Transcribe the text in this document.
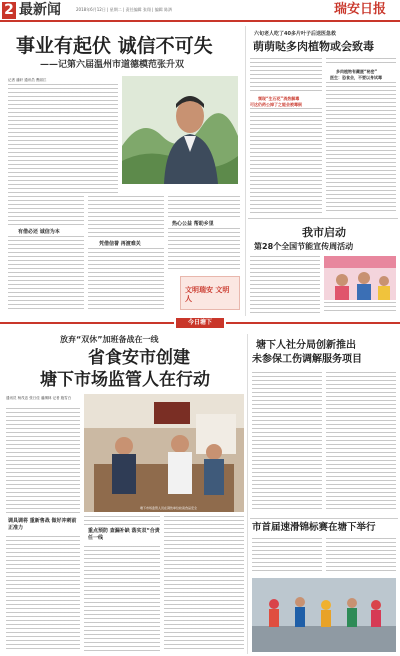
2 最新闻	2018年6月12日 | 星期二 | 责任编辑 张翔 | 编辑 陈泗	瑞安日报
事业有起伏 诚信不可失

——记第六届温州市道德模范张升双

记者 潘轩 通讯员 曹丽江

有借必还 诚信为本

凭借信誉 再渡难关

热心公益 帮助乡里

文明瑞安 文明人

六旬老人吃了40多片叶子后送医急救

萌萌哒多肉植物或会致毒

频现“生石花”消热解毒

可这仍药公掉了之能会被毒倒

多肉植物有藏匿“秘密”

医生：恐食会，不要以身试毒

我市启动

第28个全国节能宣传周活动

今日塘下

放弃“双休”加班备战在一线

省食安市创建
塘下市场监管人在行动
通讯员 杨茂忠 张日佳 潘渊林 记者 施雪白
塘下市场监管人员在餐饮单位检查食品安全

调具调将 重新售战 做好冲刺前正准力	重点预防 查漏补缺 落实双“合责任一线

塘下人社分局创新推出
未参保工伤调解服务项目
市首届速滑锦标赛在塘下举行
